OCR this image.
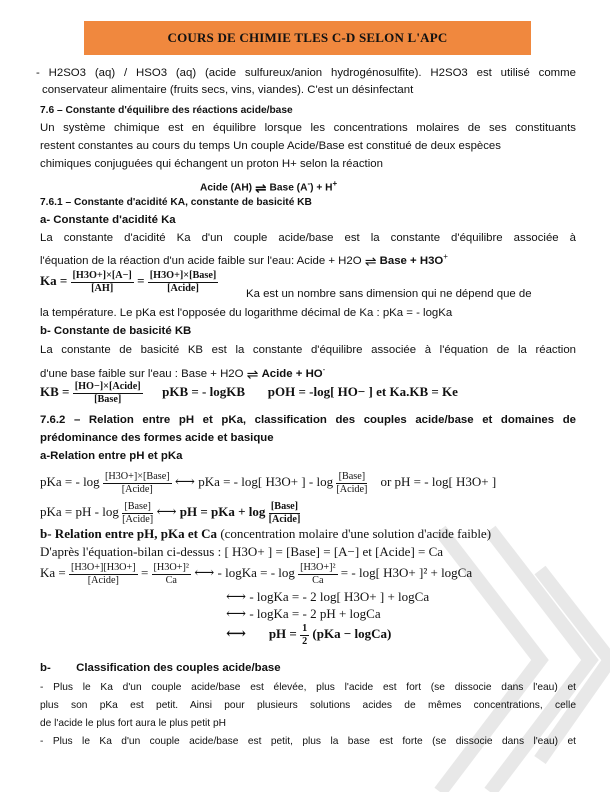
COURS DE CHIMIE TLES C-D SELON L'APC
- H2SO3 (aq) / HSO3 (aq) (acide sulfureux/anion hydrogénosulfite). H2SO3 est utilisé comme
conservateur alimentaire (fruits secs, vins, viandes). C'est un désinfectant
7.6 – Constante d'équilibre des réactions acide/base
Un système chimique est en équilibre lorsque les concentrations molaires de ses constituants
restent constantes au cours du temps Un couple Acide/Base est constitué de deux espèces
chimiques conjuguées qui échangent un proton H+ selon la réaction
Acide (AH) ⇌ Base (A-) + H+
7.6.1 – Constante d'acidité KA, constante de basicité KB
a- Constante d'acidité Ka
La constante d'acidité Ka d'un couple acide/base est la constante d'équilibre associée à
l'équation de la réaction d'un acide faible sur l'eau: Acide + H2O ⇌ Base + H3O+
$Ka = \frac{[H3O+]\times[A-]}{[AH]} = \frac{\text{[H3O+]×[Base]}}{\text{[Acide]}}$ Ka est un nombre sans dimension qui ne dépend que de
la température. Le pKa est l'opposée du logarithme décimal de Ka : pKa = - logKa
b- Constante de basicité KB
La constante de basicité KB est la constante d'équilibre associée à l'équation de la réaction
d'une base faible sur l'eau : Base + H2O ⇌ Acide + HO-
KB = $\frac{\text{[HO−]×[Acide]}}{\text{[Base]}}$ pKB = - logKB pOH = -log[ HO− ] et Ka.KB = Ke
7.6.2 – Relation entre pH et pKa, classification des couples acide/base et domaines de
prédominance des formes acide et basique
a-Relation entre pH et pKa
pKa = - $\log \frac{\text{[H3O+]×[Base]}}{\text{[Acide]}}$ ⟷ pKa = - log[ H3O+ ] - $\log \frac{\text{[Base]}}{\text{[Acide]}}$ or pH = - log[ H3O+ ]
pKa = pH - $\log \frac{\text{[Base]}}{\text{[Acide]}}$ ⟷ pH = pKa + $\log \frac{\text{[Base]}}{\text{[Acide]}}$
b- Relation entre pH, pKa et Ca (concentration molaire d'une solution d'acide faible)
D'après l'équation-bilan ci-dessus : [ H3O+ ] = [Base] = [A−] et [Acide] = Ca
$Ka = \frac{[H3O+][H3O+]}{\text{[Acide]}} = \frac{\text{[H3O+]²}}{Ca}$ ⟷ - logKa = - $\log \frac{\text{[H3O+]²}}{Ca}$ = - log[ H3O+ ]² + logCa
⟷ - logKa = - 2 log[ H3O+ ] + logCa
⟷ - logKa = - 2 pH + logCa
⟷ pH = $\frac{1}{2} (pKa$ − logCa)
b- Classification des couples acide/base
- Plus le Ka d'un couple acide/base est élevée, plus l'acide est fort (se dissocie dans l'eau) et
plus son pKa est petit. Ainsi pour plusieurs solutions acides de mêmes concentrations, celle
de l'acide le plus fort aura le plus petit pH
- Plus le Ka d'un couple acide/base est petit, plus la base est forte (se dissocie dans l'eau) et
